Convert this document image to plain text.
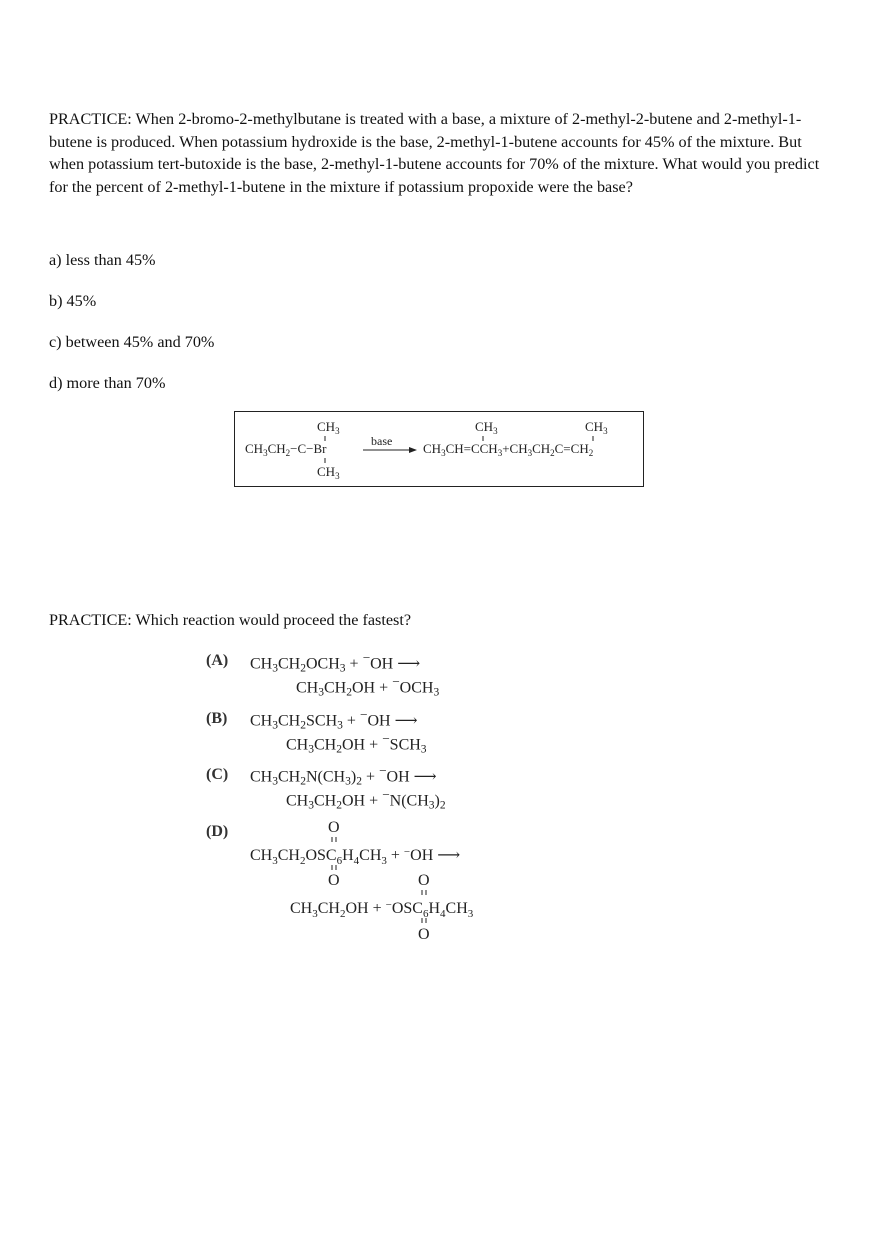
PRACTICE: When 2-bromo-2-methylbutane is treated with a base, a mixture of 2-methyl-2-butene and 2-methyl-1-butene is produced. When potassium hydroxide is the base, 2-methyl-1-butene accounts for 45% of the mixture. But when potassium tert-butoxide is the base, 2-methyl-1-butene accounts for 70% of the mixture. What would you predict for the percent of 2-methyl-1-butene in the mixture if potassium propoxide were the base?

a) less than 45%

b) 45%

c) between 45% and 70%

d) more than 70%

$CH_3$
$CH_3CH_2-C-Br$
$CH_3$
base
$CH_3$
$CH_3CH=CCH_3+CH_3CH_2C=CH_2$
$CH_3$

PRACTICE: Which reaction would proceed the fastest?

(A) $CH_3CH_2OCH_3 + ^-OH$ ⟶
$CH_3CH_2OH + ^-OCH_3$
(B) $CH_3CH_2SCH_3 + ^-OH$ ⟶
$CH_3CH_2OH + ^-SCH_3$
(C) $CH_3CH_2N(CH_3)_2 + ^-OH$ ⟶
$CH_3CH_2OH + ^-N(CH_3)_2$
(D)	O
$CH_3CH_2OSC_6H_4CH_3 + ^-OH$ ⟶
O	O
$CH_3CH_2OH + ^-OSC_6H_4CH_3$
O
